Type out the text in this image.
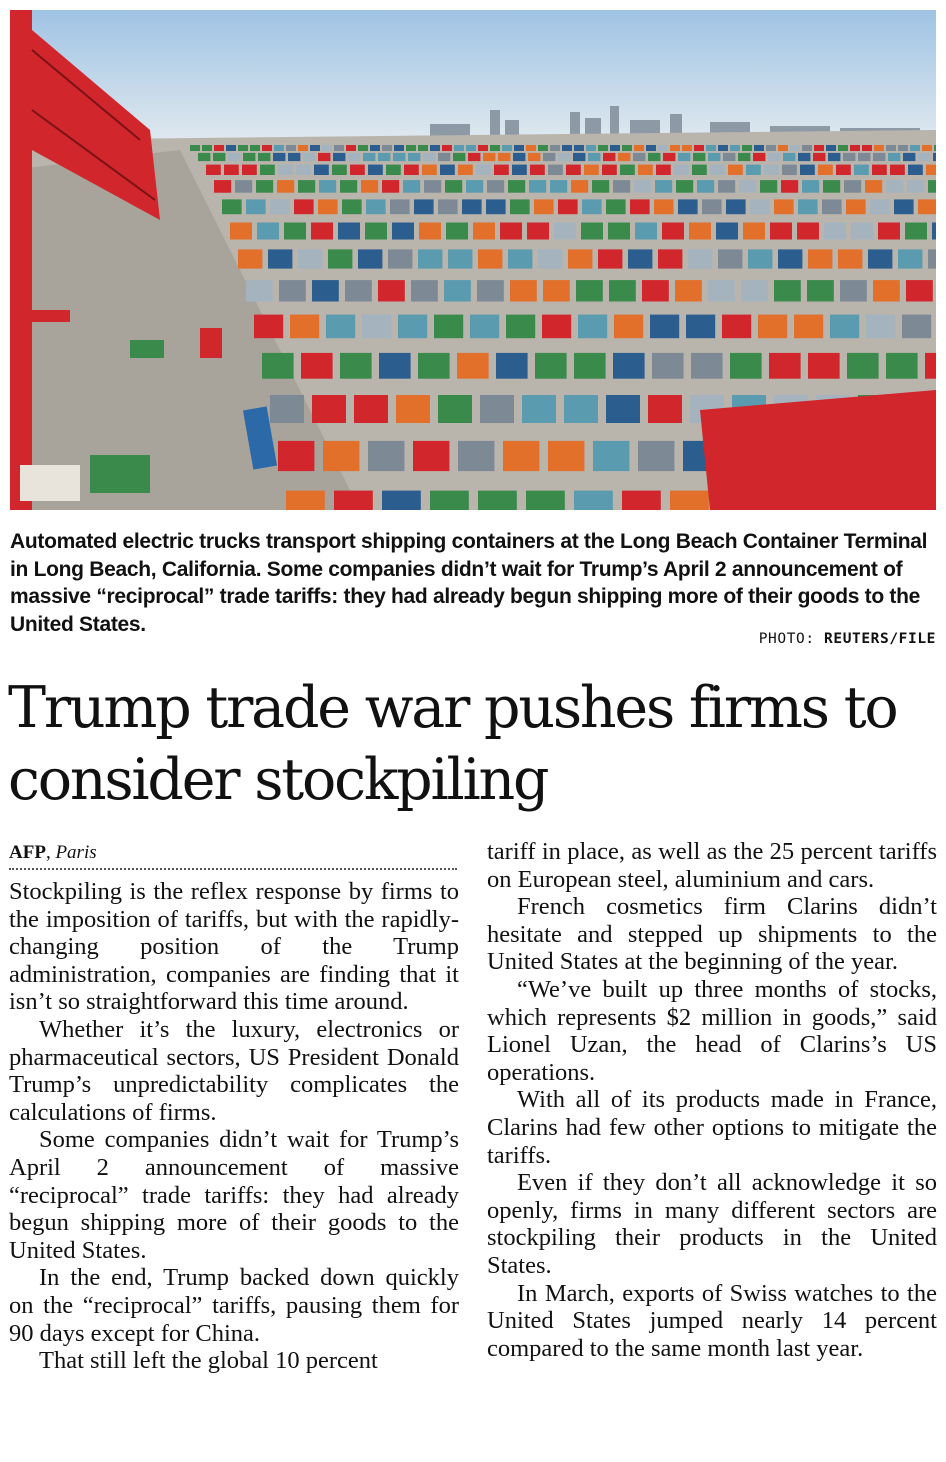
Automated electric trucks transport shipping containers at the Long Beach Container Terminal in Long Beach, California. Some companies didn’t wait for Trump’s April 2 announcement of massive “reciprocal” trade tariffs: they had already begun shipping more of their goods to the United States.
PHOTO: REUTERS/FILE
Trump trade war pushes firms to consider stockpiling
AFP, Paris

Stockpiling is the reflex response by firms to the imposition of tariffs, but with the rapidly-changing position of the Trump administration, companies are finding that it isn’t so straightforward this time around.

Whether it’s the luxury, electronics or pharmaceutical sectors, US President Donald Trump’s unpredictability complicates the calculations of firms.

Some companies didn’t wait for Trump’s April 2 announcement of massive “reciprocal” trade tariffs: they had already begun shipping more of their goods to the United States.

In the end, Trump backed down quickly on the “reciprocal” tariffs, pausing them for 90 days except for China.

That still left the global 10 percent

tariff in place, as well as the 25 percent tariffs on European steel, aluminium and cars.

French cosmetics firm Clarins didn’t hesitate and stepped up shipments to the United States at the beginning of the year.

“We’ve built up three months of stocks, which represents $2 million in goods,” said Lionel Uzan, the head of Clarins’s US operations.

With all of its products made in France, Clarins had few other options to mitigate the tariffs.

Even if they don’t all acknowledge it so openly, firms in many different sectors are stockpiling their products in the United States.

In March, exports of Swiss watches to the United States jumped nearly 14 percent compared to the same month last year.
